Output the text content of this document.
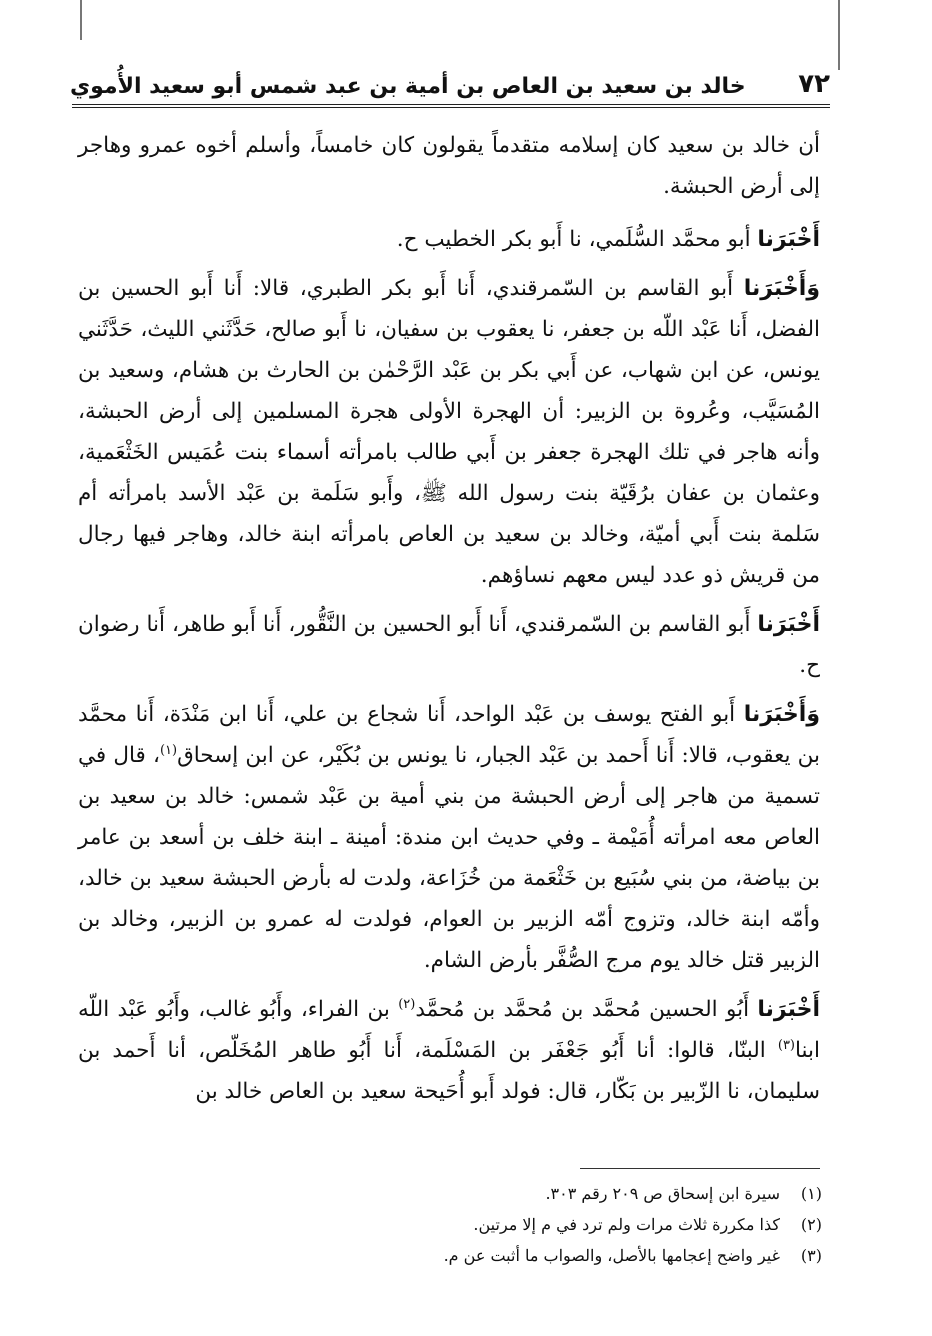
٧٢
خالد بن سعيد بن العاص بن أمية بن عبد شمس أبو سعيد الأُموي

أن خالد بن سعيد كان إسلامه متقدماً يقولون كان خامساً، وأسلم أخوه عمرو وهاجر إلى أرض الحبشة.

أَخْبَرَنا أبو محمَّد السُّلَمي، نا أَبو بكر الخطيب ح.

وَأَخْبَرَنا أَبو القاسم بن السّمرقندي، أَنا أَبو بكر الطبري، قالا: أَنا أَبو الحسين بن الفضل، أَنا عَبْد اللّه بن جعفر، نا يعقوب بن سفيان، نا أَبو صالح، حَدَّثَني الليث، حَدَّثَني يونس، عن ابن شهاب، عن أَبي بكر بن عَبْد الرَّحْمٰن بن الحارث بن هشام، وسعيد بن المُسَيَّب، وعُروة بن الزبير: أن الهجرة الأولى هجرة المسلمين إلى أرض الحبشة، وأنه هاجر في تلك الهجرة جعفر بن أَبي طالب بامرأته أسماء بنت عُمَيس الخَثْعَمية، وعثمان بن عفان برُقَيّة بنت رسول الله ﷺ، وأَبو سَلَمة بن عَبْد الأسد بامرأته أم سَلمة بنت أَبي أميّة، وخالد بن سعيد بن العاص بامرأته ابنة خالد، وهاجر فيها رجال من قريش ذو عدد ليس معهم نساؤهم.

أَخْبَرَنا أَبو القاسم بن السّمرقندي، أَنا أَبو الحسين بن النَّقُّور، أَنا أَبو طاهر، أَنا رضوان ح.

وَأَخْبَرَنا أَبو الفتح يوسف بن عَبْد الواحد، أَنا شجاع بن علي، أَنا ابن مَنْدَة، أَنا محمَّد بن يعقوب، قالا: أَنا أَحمد بن عَبْد الجبار، نا يونس بن بُكَيْر، عن ابن إسحاق$^{(١)}$، قال في تسمية من هاجر إلى أرض الحبشة من بني أمية بن عَبْد شمس: خالد بن سعيد بن العاص معه امرأته أُمَيْمة ـ وفي حديث ابن مندة: أمينة ـ ابنة خلف بن أسعد بن عامر بن بياضة، من بني سُبَيع بن خَثْعَمة من خُزَاعة، ولدت له بأرض الحبشة سعيد بن خالد، وأمّه ابنة خالد، وتزوج أمّه الزبير بن العوام، فولدت له عمرو بن الزبير، وخالد بن الزبير قتل خالد يوم مرج الصُّفَّر بأرض الشام.

أَخْبَرَنا أَبُو الحسين مُحمَّد بن مُحمَّد بن مُحمَّد$^{(٢)}$ بن الفراء، وأَبُو غالب، وأَبُو عَبْد اللّه ابنا$^{(٣)}$ البنّا، قالوا: أنا أَبُو جَعْفَر بن المَسْلَمة، أَنا أَبُو طاهر المُخَلّص، أنا أَحمد بن سليمان، نا الزّبير بن بَكّار، قال: فولد أَبو أُحَيحة سعيد بن العاص خالد بن

(١)
سيرة ابن إسحاق ص ٢٠٩ رقم ٣٠٣.
(٢)
كذا مكررة ثلاث مرات ولم ترد في م إلا مرتين.
(٣)
غير واضح إعجامها بالأصل، والصواب ما أثبت عن م.
